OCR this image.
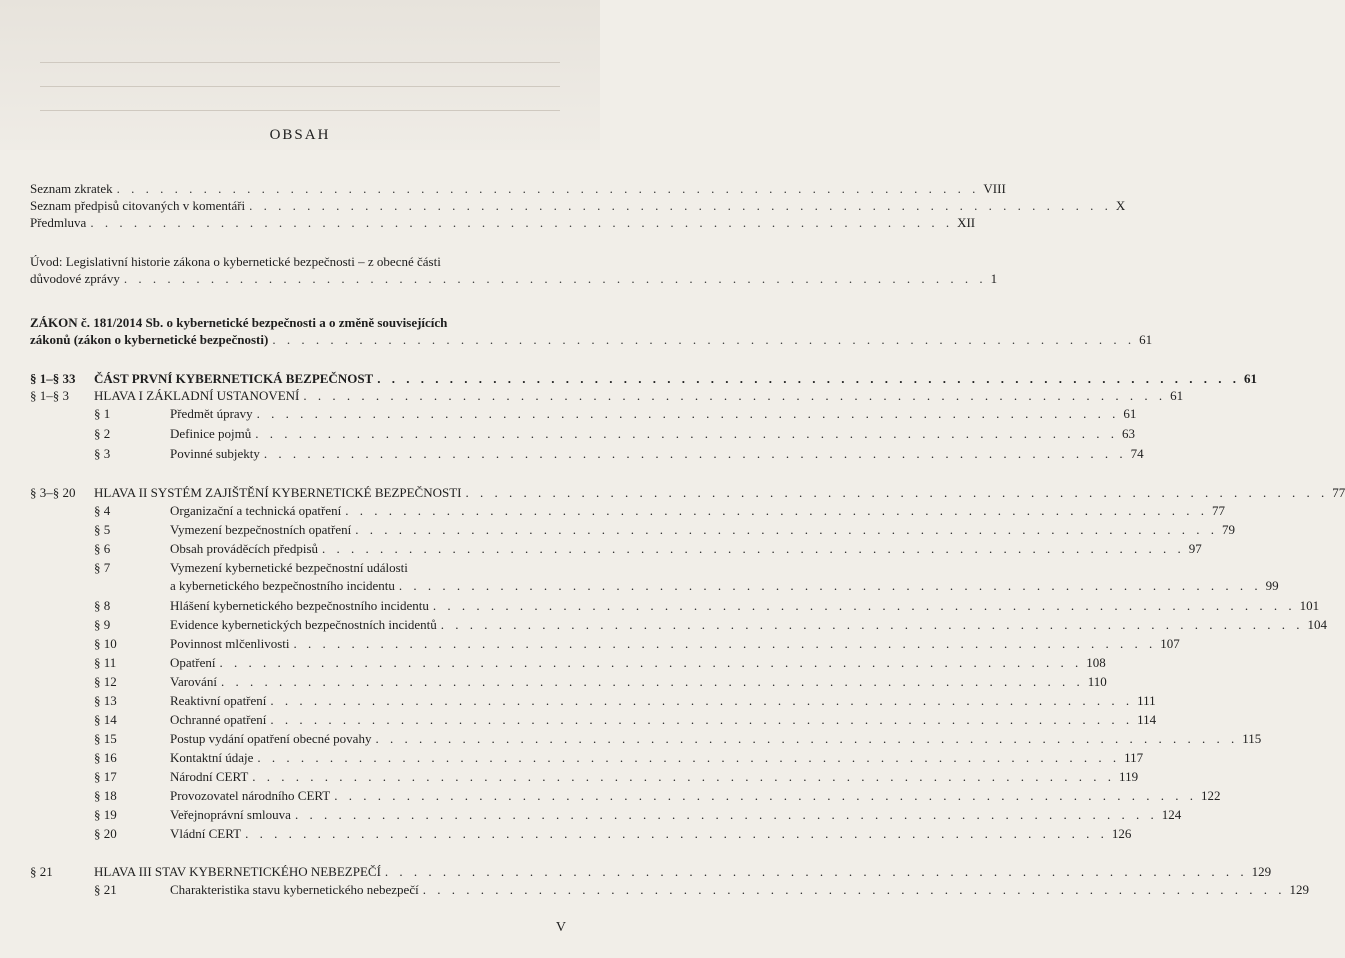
OBSAH
Seznam zkratek . . . . . . . . . . . . . . . . . . . . . . . . . . . . . . . . . . . . . . . . . . . . . . . . . . . . . . . . . . . . VIII
Seznam předpisů citovaných v komentáři . . . . . . . . . . . . . . . . . . . . . . . . . . . . . . . . . . . . . . . . . . . . . . . . . . . . . . . . . . . . X
Předmluva . . . . . . . . . . . . . . . . . . . . . . . . . . . . . . . . . . . . . . . . . . . . . . . . . . . . . . . . . . . . XII
Úvod: Legislativní historie zákona o kybernetické bezpečnosti – z obecné části
důvodové zprávy . . . . . . . . . . . . . . . . . . . . . . . . . . . . . . . . . . . . . . . . . . . . . . . . . . . . . . . . . . . . 1
ZÁKON č. 181/2014 Sb. o kybernetické bezpečnosti a o změně souvisejících
zákonů (zákon o kybernetické bezpečnosti) . . . . . . . . . . . . . . . . . . . . . . . . . . . . . . . . . . . . . . . . . . . . . . . . . . . . . . . . . . . . 61
§ 1–§ 33 ČÁST PRVNÍ KYBERNETICKÁ BEZPEČNOST . . . . . . . . . . . . . . . . . . . . . . . . . . . . . . . . . . . . . . . . . . . . . . . . . . . . . . . . . . . . 61
§ 1–§ 3 HLAVA I ZÁKLADNÍ USTANOVENÍ . . . . . . . . . . . . . . . . . . . . . . . . . . . . . . . . . . . . . . . . . . . . . . . . . . . . . . . . . . . . 61
§ 1	Předmět úpravy . . . . . . . . . . . . . . . . . . . . . . . . . . . . . . . . . . . . . . . . . . . . . . . . . . . . . . . . . . . . 61
§ 2	Definice pojmů . . . . . . . . . . . . . . . . . . . . . . . . . . . . . . . . . . . . . . . . . . . . . . . . . . . . . . . . . . . . 63
§ 3	Povinné subjekty . . . . . . . . . . . . . . . . . . . . . . . . . . . . . . . . . . . . . . . . . . . . . . . . . . . . . . . . . . . . 74
§ 3–§ 20 HLAVA II SYSTÉM ZAJIŠTĚNÍ KYBERNETICKÉ BEZPEČNOSTI . . . . . . . . . . . . . . . . . . . . . . . . . . . . . . . . . . . . . . . . . . . . . . . . . . . . . . . . . . . . 77
§ 4	Organizační a technická opatření . . . . . . . . . . . . . . . . . . . . . . . . . . . . . . . . . . . . . . . . . . . . . . . . . . . . . . . . . . . . 77
§ 5	Vymezení bezpečnostních opatření . . . . . . . . . . . . . . . . . . . . . . . . . . . . . . . . . . . . . . . . . . . . . . . . . . . . . . . . . . . . 79
§ 6	Obsah prováděcích předpisů . . . . . . . . . . . . . . . . . . . . . . . . . . . . . . . . . . . . . . . . . . . . . . . . . . . . . . . . . . . . 97
§ 7	Vymezení kybernetické bezpečnostní události
a kybernetického bezpečnostního incidentu . . . . . . . . . . . . . . . . . . . . . . . . . . . . . . . . . . . . . . . . . . . . . . . . . . . . . . . . . . . . 99
§ 8	Hlášení kybernetického bezpečnostního incidentu . . . . . . . . . . . . . . . . . . . . . . . . . . . . . . . . . . . . . . . . . . . . . . . . . . . . . . . . . . . . 101
§ 9	Evidence kybernetických bezpečnostních incidentů . . . . . . . . . . . . . . . . . . . . . . . . . . . . . . . . . . . . . . . . . . . . . . . . . . . . . . . . . . . . 104
§ 10	Povinnost mlčenlivosti . . . . . . . . . . . . . . . . . . . . . . . . . . . . . . . . . . . . . . . . . . . . . . . . . . . . . . . . . . . . 107
§ 11	Opatření . . . . . . . . . . . . . . . . . . . . . . . . . . . . . . . . . . . . . . . . . . . . . . . . . . . . . . . . . . . . 108
§ 12	Varování . . . . . . . . . . . . . . . . . . . . . . . . . . . . . . . . . . . . . . . . . . . . . . . . . . . . . . . . . . . . 110
§ 13	Reaktivní opatření . . . . . . . . . . . . . . . . . . . . . . . . . . . . . . . . . . . . . . . . . . . . . . . . . . . . . . . . . . . . 111
§ 14	Ochranné opatření . . . . . . . . . . . . . . . . . . . . . . . . . . . . . . . . . . . . . . . . . . . . . . . . . . . . . . . . . . . . 114
§ 15	Postup vydání opatření obecné povahy . . . . . . . . . . . . . . . . . . . . . . . . . . . . . . . . . . . . . . . . . . . . . . . . . . . . . . . . . . . . 115
§ 16	Kontaktní údaje . . . . . . . . . . . . . . . . . . . . . . . . . . . . . . . . . . . . . . . . . . . . . . . . . . . . . . . . . . . . 117
§ 17	Národní CERT . . . . . . . . . . . . . . . . . . . . . . . . . . . . . . . . . . . . . . . . . . . . . . . . . . . . . . . . . . . . 119
§ 18	Provozovatel národního CERT . . . . . . . . . . . . . . . . . . . . . . . . . . . . . . . . . . . . . . . . . . . . . . . . . . . . . . . . . . . . 122
§ 19	Veřejnoprávní smlouva . . . . . . . . . . . . . . . . . . . . . . . . . . . . . . . . . . . . . . . . . . . . . . . . . . . . . . . . . . . . 124
§ 20	Vládní CERT . . . . . . . . . . . . . . . . . . . . . . . . . . . . . . . . . . . . . . . . . . . . . . . . . . . . . . . . . . . . 126
§ 21	HLAVA III STAV KYBERNETICKÉHO NEBEZPEČÍ . . . . . . . . . . . . . . . . . . . . . . . . . . . . . . . . . . . . . . . . . . . . . . . . . . . . . . . . . . . . 129
§ 21	Charakteristika stavu kybernetického nebezpečí . . . . . . . . . . . . . . . . . . . . . . . . . . . . . . . . . . . . . . . . . . . . . . . . . . . . . . . . . . . . 129
V
